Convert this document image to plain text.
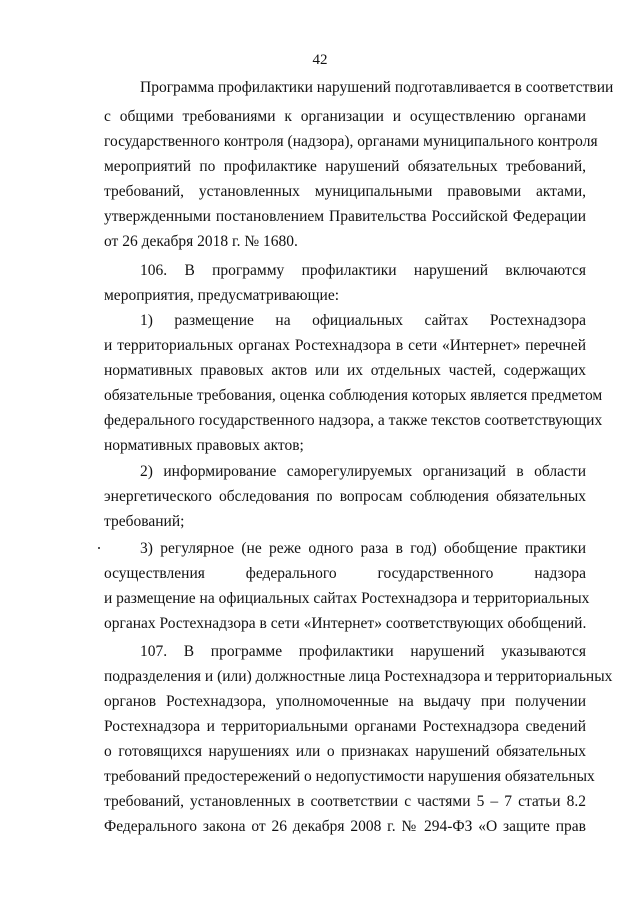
42
Программа профилактики нарушений подготавливается в соответствии
с общими требованиями к организации и осуществлению органами
государственного контроля (надзора), органами муниципального контроля
мероприятий по профилактике нарушений обязательных требований,
требований, установленных муниципальными правовыми актами,
утвержденными постановлением Правительства Российской Федерации
от 26 декабря 2018 г. № 1680.
106. В программу профилактики нарушений включаются
мероприятия, предусматривающие:
1) размещение на официальных сайтах Ростехнадзора
и территориальных органах Ростехнадзора в сети «Интернет» перечней
нормативных правовых актов или их отдельных частей, содержащих
обязательные требования, оценка соблюдения которых является предметом
федерального государственного надзора, а также текстов соответствующих
нормативных правовых актов;
2) информирование саморегулируемых организаций в области
энергетического обследования по вопросам соблюдения обязательных
требований;
3) регулярное (не реже одного раза в год) обобщение практики
осуществления федерального государственного надзора
и размещение на официальных сайтах Ростехнадзора и территориальных
органах Ростехнадзора в сети «Интернет» соответствующих обобщений.
107. В программе профилактики нарушений указываются
подразделения и (или) должностные лица Ростехнадзора и территориальных
органов Ростехнадзора, уполномоченные на выдачу при получении
Ростехнадзора и территориальными органами Ростехнадзора сведений
о готовящихся нарушениях или о признаках нарушений обязательных
требований предостережений о недопустимости нарушения обязательных
требований, установленных в соответствии с частями 5 – 7 статьи 8.2
Федерального закона от 26 декабря 2008 г. № 294-ФЗ «О защите прав
